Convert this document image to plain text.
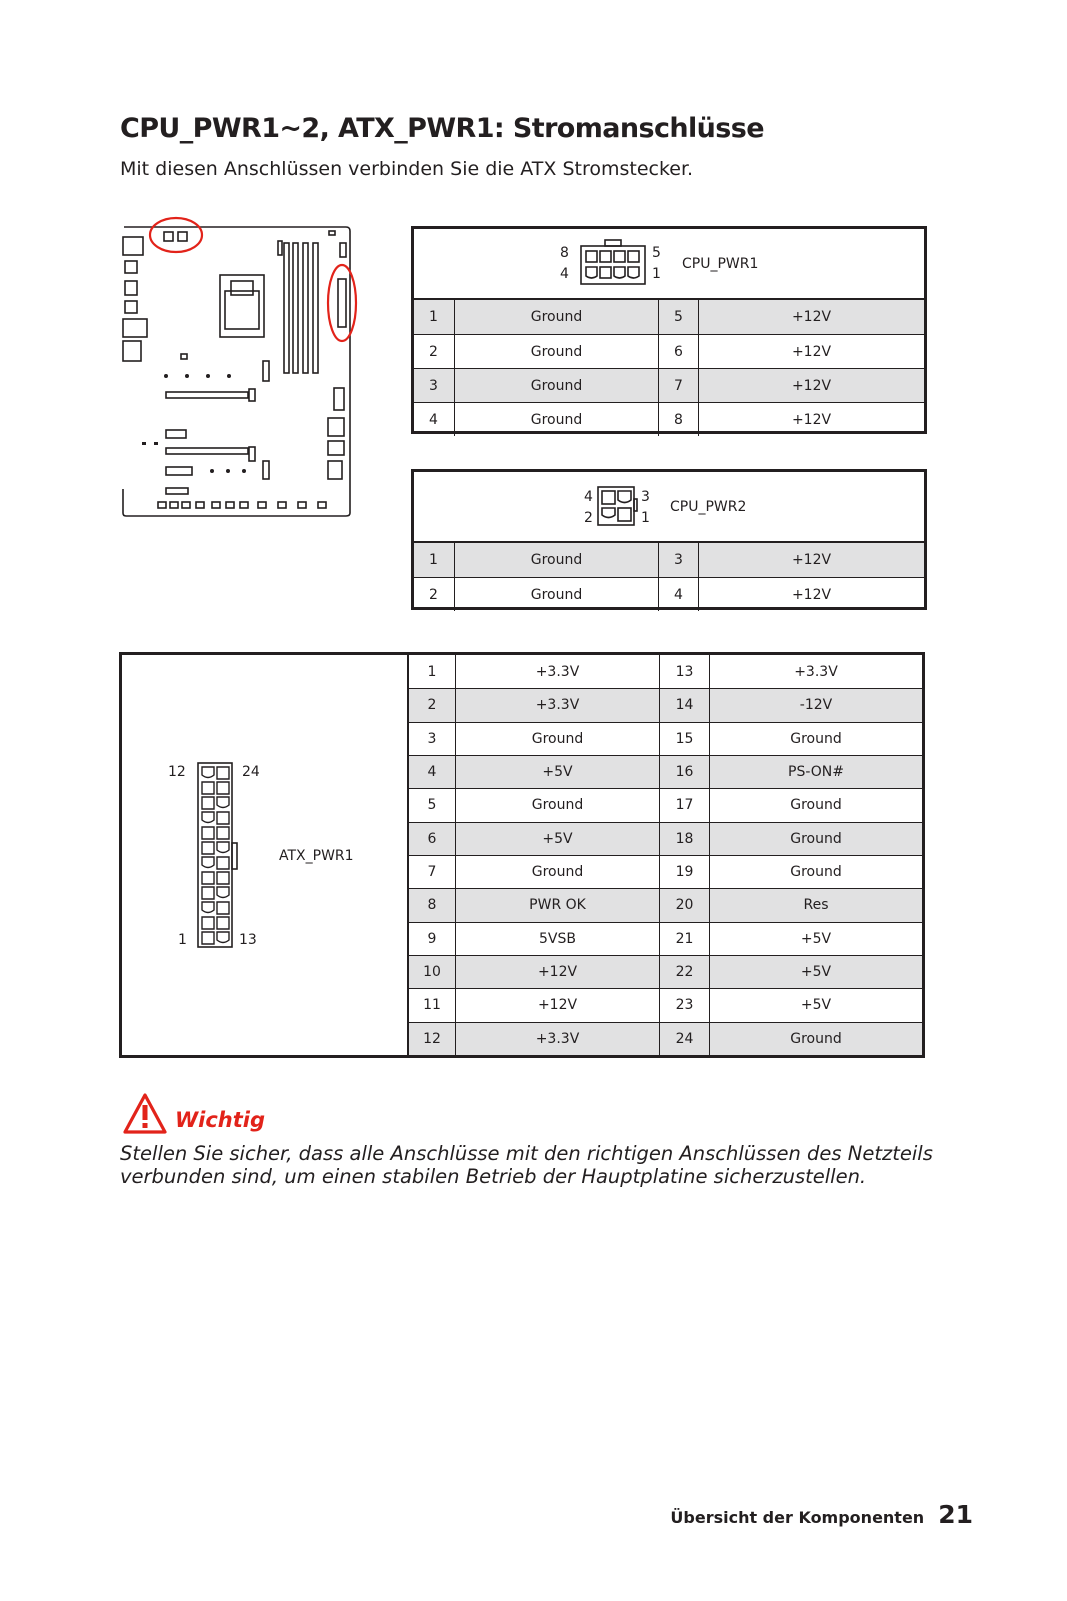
CPU_PWR1~2, ATX_PWR1: Stromanschlüsse

Mit diesen Anschlüssen verbinden Sie die ATX Stromstecker.

8
4
5
1
CPU_PWR1
1	Ground	5	+12V
2	Ground	6	+12V
3	Ground	7	+12V
4	Ground	8	+12V
4
2
3
1
CPU_PWR2
1	Ground	3	+12V
2	Ground	4	+12V
12
1
24
13
ATX_PWR1
1	+3.3V	13	+3.3V
2	+3.3V	14	-12V
3	Ground	15	Ground
4	+5V	16	PS-ON#
5	Ground	17	Ground
6	+5V	18	Ground
7	Ground	19	Ground
8	PWR OK	20	Res
9	5VSB	21	+5V
10	+12V	22	+5V
11	+12V	23	+5V
12	+3.3V	24	Ground

Wichtig

Stellen Sie sicher, dass alle Anschlüsse mit den richtigen Anschlüssen des Netzteils verbunden sind, um einen stabilen Betrieb der Hauptplatine sicherzustellen.

Übersicht der Komponenten 21
